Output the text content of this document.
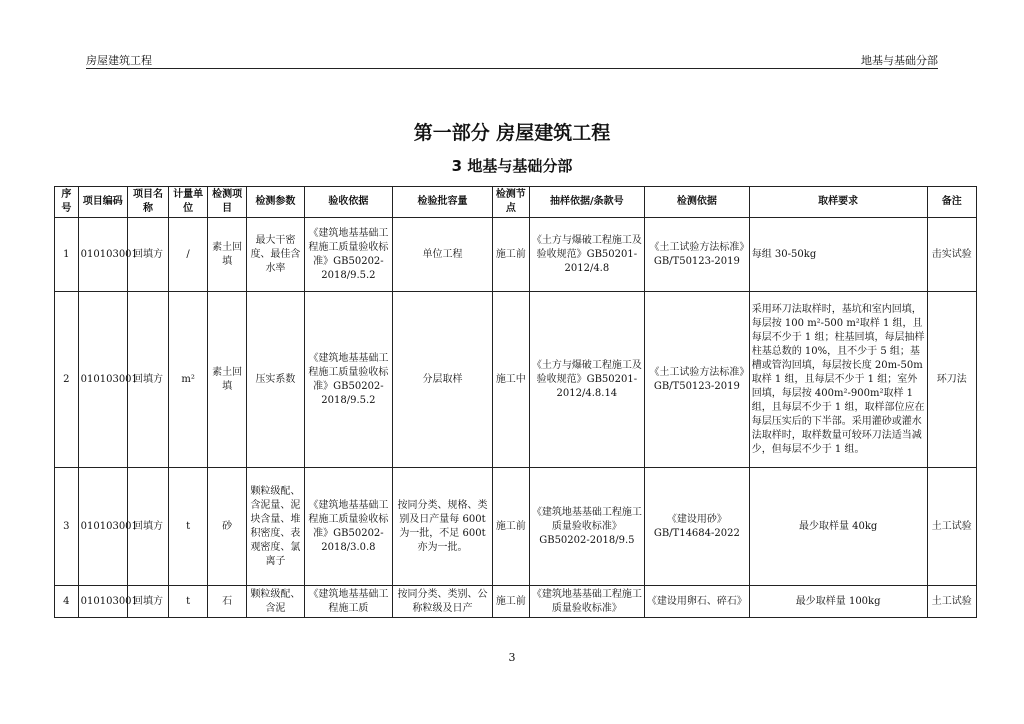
房屋建筑工程	地基与基础分部
第一部分 房屋建筑工程
3 地基与基础分部
序号	项目编码	项目名称	计量单位	检测项目	检测参数	验收依据	检验批容量	检测节点	抽样依据/条款号	检测依据	取样要求	备注
1	010103001	回填方	/	素土回填	最大干密度、最佳含水率	《建筑地基基础工程施工质量验收标准》GB50202-2018/9.5.2	单位工程	施工前	《土方与爆破工程施工及验收规范》GB50201-2012/4.8	《土工试验方法标准》GB/T50123-2019	每组 30-50kg	击实试验
2	010103001	回填方	m²	素土回填	压实系数	《建筑地基基础工程施工质量验收标准》GB50202-2018/9.5.2	分层取样	施工中	《土方与爆破工程施工及验收规范》GB50201-2012/4.8.14	《土工试验方法标准》GB/T50123-2019	采用环刀法取样时，基坑和室内回填，每层按 100 m²-500 m²取样 1 组，且每层不少于 1 组；柱基回填，每层抽样柱基总数的 10%，且不少于 5 组；基槽或管沟回填，每层按长度 20m-50m 取样 1 组，且每层不少于 1 组；室外回填，每层按 400m²-900m²取样 1 组，且每层不少于 1 组，取样部位应在每层压实后的下半部。采用灌砂或灌水法取样时，取样数量可较环刀法适当减少，但每层不少于 1 组。	环刀法
3	010103001	回填方	t	砂	颗粒级配、含泥量、泥块含量、堆积密度、表观密度、氯离子	《建筑地基基础工程施工质量验收标准》GB50202-2018/3.0.8	按同分类、规格、类别及日产量每 600t 为一批，不足 600t 亦为一批。	施工前	《建筑地基基础工程施工质量验收标准》GB50202-2018/9.5	《建设用砂》GB/T14684-2022	最少取样量 40kg	土工试验
4	010103001	回填方	t	石	颗粒级配、含泥	《建筑地基基础工程施工质	按同分类、类别、公称粒级及日产	施工前	《建筑地基基础工程施工质量验收标准》	《建设用卵石、碎石》	最少取样量 100kg	土工试验
3
